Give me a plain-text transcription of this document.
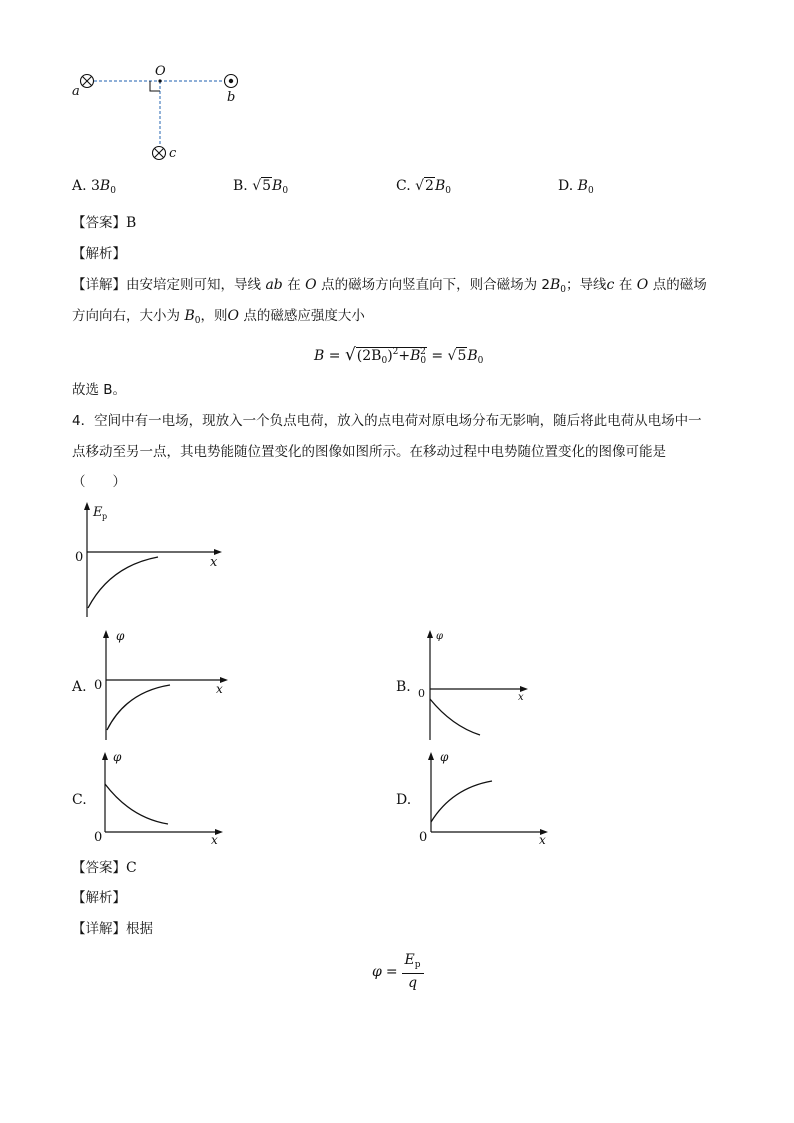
O
a	b
c
A. $3B_0$	B. $√5B_0$	C. $√2B_0$	D. $B_0$
【答案】B
【解析】
【详解】由安培定则可知，导线 ab 在 O 点的磁场方向竖直向下，则合磁场为 $2B_0$；导线c 在 O 点的磁场
方向向右，大小为 $B_0$，则O 点的磁感应强度大小
$B = √(2B_0)^2+B_0^2 = √5B_0$
故选 B。
4．空间中有一电场，现放入一个负点电荷，放入的点电荷对原电场分布无影响，随后将此电荷从电场中一
点移动至另一点，其电势能随位置变化的图像如图所示。在移动过程中电势随位置变化的图像可能是
（　　）
E p
0	x
A.
φ
0	x	B.
φ
0	x
C.
φ
0	x
D.
φ
0	x
【答案】C
【解析】
【详解】根据
$\varphi = \frac{E_p}{q}$
